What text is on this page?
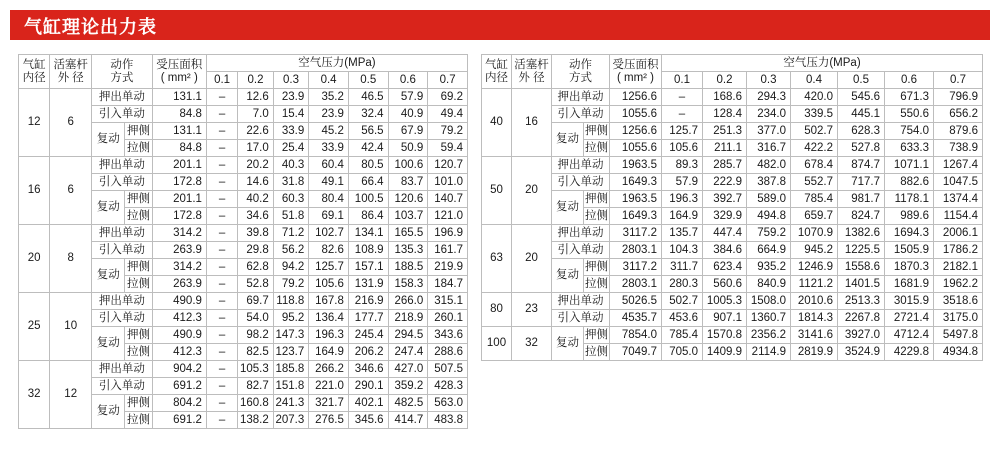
气缸理论出力表
气缸
内径	活塞杆
外 径	动作
方式		受压面积
( mm² )	空气压力(MPa)						
					0.1	0.2	0.3	0.4	0.5	0.6	0.7
12	6	押出单动		131.1	–	12.6	23.9	35.2	46.5	57.9	69.2
		引入单动		84.8	–	7.0	15.4	23.9	32.4	40.9	49.4
		复动	押侧	131.1	–	22.6	33.9	45.2	56.5	67.9	79.2
			拉侧	84.8	–	17.0	25.4	33.9	42.4	50.9	59.4
16	6	押出单动		201.1	–	20.2	40.3	60.4	80.5	100.6	120.7
		引入单动		172.8	–	14.6	31.8	49.1	66.4	83.7	101.0
		复动	押侧	201.1	–	40.2	60.3	80.4	100.5	120.6	140.7
			拉侧	172.8	–	34.6	51.8	69.1	86.4	103.7	121.0
20	8	押出单动		314.2	–	39.8	71.2	102.7	134.1	165.5	196.9
		引入单动		263.9	–	29.8	56.2	82.6	108.9	135.3	161.7
		复动	押侧	314.2	–	62.8	94.2	125.7	157.1	188.5	219.9
			拉侧	263.9	–	52.8	79.2	105.6	131.9	158.3	184.7
25	10	押出单动		490.9	–	69.7	118.8	167.8	216.9	266.0	315.1
		引入单动		412.3	–	54.0	95.2	136.4	177.7	218.9	260.1
		复动	押侧	490.9	–	98.2	147.3	196.3	245.4	294.5	343.6
			拉侧	412.3	–	82.5	123.7	164.9	206.2	247.4	288.6
32	12	押出单动		904.2	–	105.3	185.8	266.2	346.6	427.0	507.5
		引入单动		691.2	–	82.7	151.8	221.0	290.1	359.2	428.3
		复动	押侧	804.2	–	160.8	241.3	321.7	402.1	482.5	563.0
			拉侧	691.2	–	138.2	207.3	276.5	345.6	414.7	483.8
气缸
内径	活塞杆
外 径	动作
方式		受压面积
( mm² )	空气压力(MPa)						
					0.1	0.2	0.3	0.4	0.5	0.6	0.7
40	16	押出单动		1256.6	–	168.6	294.3	420.0	545.6	671.3	796.9
		引入单动		1055.6	–	128.4	234.0	339.5	445.1	550.6	656.2
		复动	押侧	1256.6	125.7	251.3	377.0	502.7	628.3	754.0	879.6
			拉侧	1055.6	105.6	211.1	316.7	422.2	527.8	633.3	738.9
50	20	押出单动		1963.5	89.3	285.7	482.0	678.4	874.7	1071.1	1267.4
		引入单动		1649.3	57.9	222.9	387.8	552.7	717.7	882.6	1047.5
		复动	押侧	1963.5	196.3	392.7	589.0	785.4	981.7	1178.1	1374.4
			拉侧	1649.3	164.9	329.9	494.8	659.7	824.7	989.6	1154.4
63	20	押出单动		3117.2	135.7	447.4	759.2	1070.9	1382.6	1694.3	2006.1
		引入单动		2803.1	104.3	384.6	664.9	945.2	1225.5	1505.9	1786.2
		复动	押侧	3117.2	311.7	623.4	935.2	1246.9	1558.6	1870.3	2182.1
			拉侧	2803.1	280.3	560.6	840.9	1121.2	1401.5	1681.9	1962.2
80	23	押出单动		5026.5	502.7	1005.3	1508.0	2010.6	2513.3	3015.9	3518.6
		引入单动		4535.7	453.6	907.1	1360.7	1814.3	2267.8	2721.4	3175.0
100	32	复动	押侧	7854.0	785.4	1570.8	2356.2	3141.6	3927.0	4712.4	5497.8
			拉侧	7049.7	705.0	1409.9	2114.9	2819.9	3524.9	4229.8	4934.8
